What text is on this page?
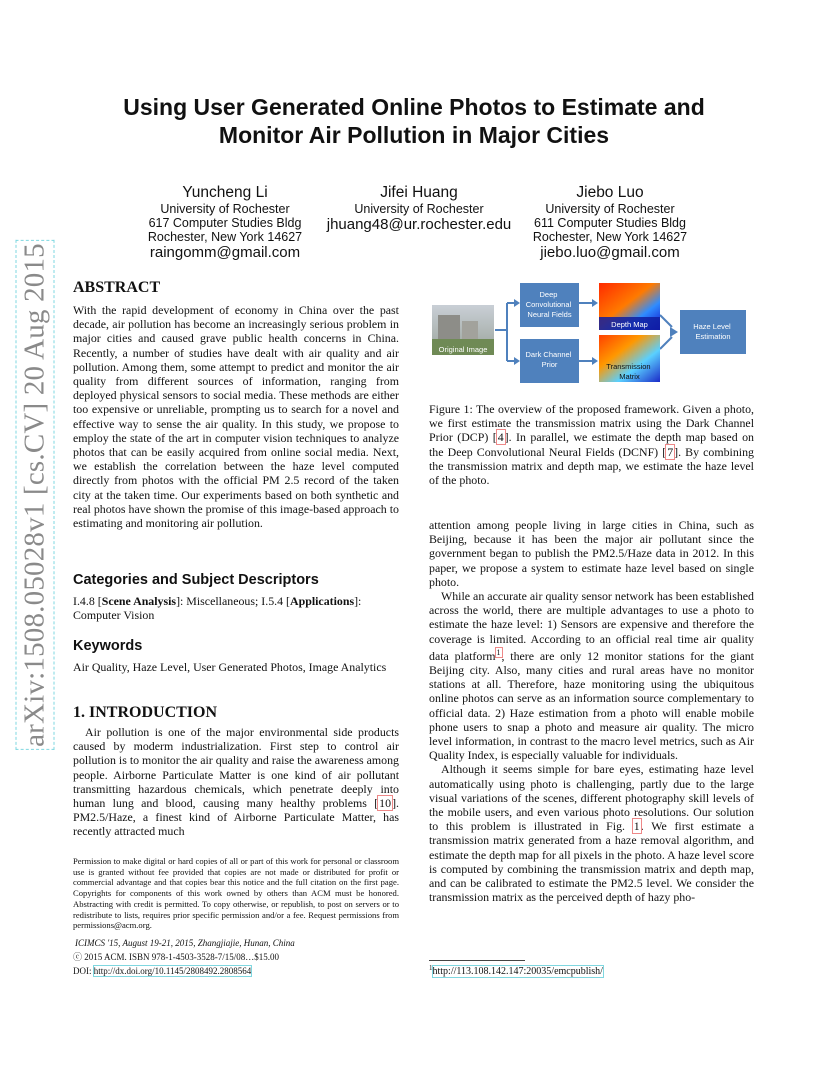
arXiv:1508.05028v1 [cs.CV] 20 Aug 2015
Using User Generated Online Photos to Estimate and
Monitor Air Pollution in Major Cities
Yuncheng Li
University of Rochester
617 Computer Studies Bldg
Rochester, New York 14627
raingomm@gmail.com
Jifei Huang
University of Rochester
jhuang48@ur.rochester.edu
Jiebo Luo
University of Rochester
611 Computer Studies Bldg
Rochester, New York 14627
jiebo.luo@gmail.com
ABSTRACT

With the rapid development of economy in China over the past decade, air pollution has become an increasingly serious problem in major cities and caused grave public health concerns in China. Recently, a number of studies have dealt with air quality and air pollution. Among them, some attempt to predict and monitor the air quality from different sources of information, ranging from deployed physical sensors to social media. These methods are either too expensive or unreliable, prompting us to search for a novel and effective way to sense the air quality. In this study, we propose to employ the state of the art in computer vision techniques to analyze photos that can be easily acquired from online social media. Next, we establish the correlation between the haze level computed directly from photos with the official PM 2.5 record of the taken city at the taken time. Our experiments based on both synthetic and real photos have shown the promise of this image-based approach to estimating and monitoring air pollution.

Categories and Subject Descriptors

I.4.8 [Scene Analysis]: Miscellaneous; I.5.4 [Applications]: Computer Vision

Keywords

Air Quality, Haze Level, User Generated Photos, Image Analytics

1. INTRODUCTION

Air pollution is one of the major environmental side products caused by moderm industrialization. First step to control air pollution is to monitor the air quality and raise the awareness among people. Airborne Particulate Matter is one kind of air pollutant transmitting hazardous chemicals, which penetrate deeply into human lung and blood, causing many healthy problems [10]. PM2.5/Haze, a finest kind of Airborne Particulate Matter, has recently attracted much

Permission to make digital or hard copies of all or part of this work for personal or classroom use is granted without fee provided that copies are not made or distributed for profit or commercial advantage and that copies bear this notice and the full citation on the first page. Copyrights for components of this work owned by others than ACM must be honored. Abstracting with credit is permitted. To copy otherwise, or republish, to post on servers or to redistribute to lists, requires prior specific permission and/or a fee. Request permissions from permissions@acm.org.

ICIMCS '15, August 19-21, 2015, Zhangjiajie, Hunan, China
ⓒ 2015 ACM. ISBN 978-1-4503-3528-7/15/08…$15.00
DOI: http://dx.doi.org/10.1145/2808492.2808564
Original Image
Deep Convolutional Neural Fields
Dark Channel Prior
Depth Map
Transmission Matrix
Haze Level Estimation

Figure 1: The overview of the proposed framework. Given a photo, we first estimate the transmission matrix using the Dark Channel Prior (DCP) [4]. In parallel, we estimate the depth map based on the Deep Convolutional Neural Fields (DCNF) [7]. By combining the transmission matrix and depth map, we estimate the haze level of the photo.

attention among people living in large cities in China, such as Beijing, because it has been the major air pollutant since the government began to publish the PM2.5/Haze data in 2012. In this paper, we propose a system to estimate haze level based on single photo.

While an accurate air quality sensor network has been established across the world, there are multiple advantages to use a photo to estimate the haze level: 1) Sensors are expensive and therefore the coverage is limited. According to an official real time air quality data platform$^1$, there are only 12 monitor stations for the giant Beijing city. Also, many cities and rural areas have no monitor stations at all. Therefore, haze monitoring using the ubiquitous online photos can serve as an information source complementary to official data. 2) Haze estimation from a photo will enable mobile phone users to snap a photo and measure air quality. The micro level information, in contrast to the macro level metrics, such as Air Quality Index, is especially valuable for individuals.

Although it seems simple for bare eyes, estimating haze level automatically using photo is challenging, partly due to the large visual variations of the scenes, different photography skill levels of the mobile users, and even various photo resolutions. Our solution to this problem is illustrated in Fig. 1. We first estimate a transmission matrix generated from a haze removal algorithm, and estimate the depth map for all pixels in the photo. A haze level score is computed by combining the transmission matrix and depth map, and can be calibrated to estimate the PM2.5 level. We consider the transmission matrix as the perceived depth of hazy pho-

$^1$http://113.108.142.147:20035/emcpublish/
